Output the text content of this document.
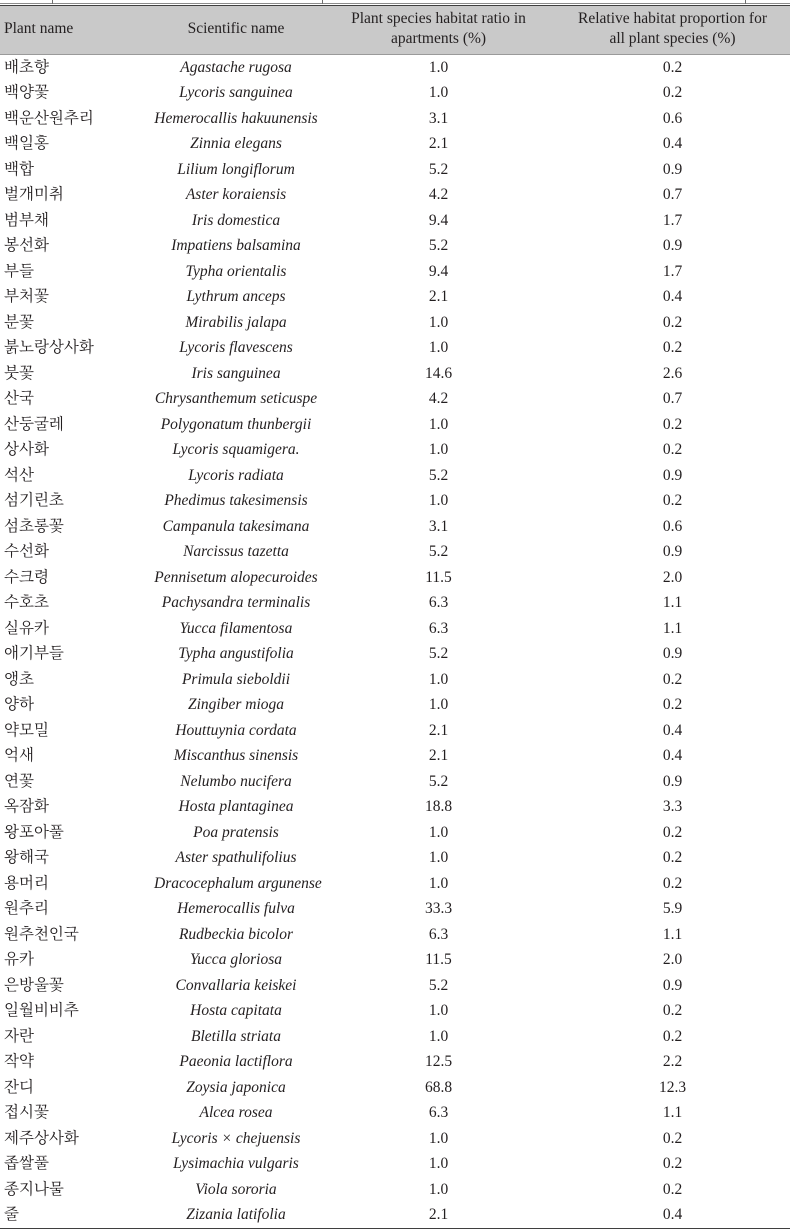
Plant name	Scientific name	Plant species habitat ratio in
apartments (%)	Relative habitat proportion for
all plant species (%)
배초향	Agastache rugosa	1.0	0.2
백양꽃	Lycoris sanguinea	1.0	0.2
백운산원추리	Hemerocallis hakuunensis	3.1	0.6
백일홍	Zinnia elegans	2.1	0.4
백합	Lilium longiflorum	5.2	0.9
벌개미취	Aster koraiensis	4.2	0.7
범부채	Iris domestica	9.4	1.7
봉선화	Impatiens balsamina	5.2	0.9
부들	Typha orientalis	9.4	1.7
부처꽃	Lythrum anceps	2.1	0.4
분꽃	Mirabilis jalapa	1.0	0.2
붉노랑상사화	Lycoris flavescens	1.0	0.2
붓꽃	Iris sanguinea	14.6	2.6
산국	Chrysanthemum seticuspe	4.2	0.7
산둥굴레	Polygonatum thunbergii	1.0	0.2
상사화	Lycoris squamigera.	1.0	0.2
석산	Lycoris radiata	5.2	0.9
섬기린초	Phedimus takesimensis	1.0	0.2
섬초롱꽃	Campanula takesimana	3.1	0.6
수선화	Narcissus tazetta	5.2	0.9
수크령	Pennisetum alopecuroides	11.5	2.0
수호초	Pachysandra terminalis	6.3	1.1
실유카	Yucca filamentosa	6.3	1.1
애기부들	Typha angustifolia	5.2	0.9
앵초	Primula sieboldii	1.0	0.2
양하	Zingiber mioga	1.0	0.2
약모밀	Houttuynia cordata	2.1	0.4
억새	Miscanthus sinensis	2.1	0.4
연꽃	Nelumbo nucifera	5.2	0.9
옥잠화	Hosta plantaginea	18.8	3.3
왕포아풀	Poa pratensis	1.0	0.2
왕해국	Aster spathulifolius	1.0	0.2
용머리	Dracocephalum argunense	1.0	0.2
원추리	Hemerocallis fulva	33.3	5.9
원추천인국	Rudbeckia bicolor	6.3	1.1
유카	Yucca gloriosa	11.5	2.0
은방울꽃	Convallaria keiskei	5.2	0.9
일월비비추	Hosta capitata	1.0	0.2
자란	Bletilla striata	1.0	0.2
작약	Paeonia lactiflora	12.5	2.2
잔디	Zoysia japonica	68.8	12.3
접시꽃	Alcea rosea	6.3	1.1
제주상사화	Lycoris × chejuensis	1.0	0.2
좁쌀풀	Lysimachia vulgaris	1.0	0.2
종지나물	Viola sororia	1.0	0.2
줄	Zizania latifolia	2.1	0.4
